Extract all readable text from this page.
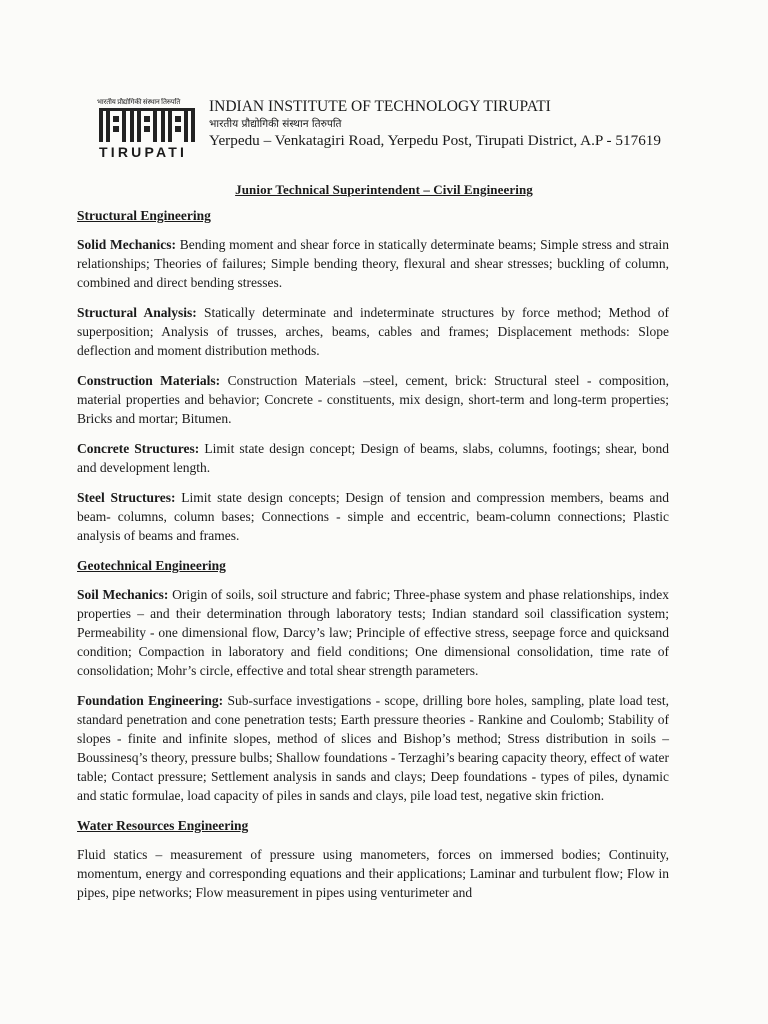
भारतीय प्रौद्योगिकी संस्थान तिरुपति
TIRUPATI
INDIAN INSTITUTE OF TECHNOLOGY TIRUPATI
भारतीय प्रौद्योगिकी संस्थान तिरुपति
Yerpedu – Venkatagiri Road, Yerpedu Post, Tirupati District, A.P - 517619
Junior Technical Superintendent – Civil Engineering
Structural Engineering

Solid Mechanics: Bending moment and shear force in statically determinate beams; Simple stress and strain relationships; Theories of failures; Simple bending theory, flexural and shear stresses; buckling of column, combined and direct bending stresses.

Structural Analysis: Statically determinate and indeterminate structures by force method; Method of superposition; Analysis of trusses, arches, beams, cables and frames; Displacement methods: Slope deflection and moment distribution methods.

Construction Materials: Construction Materials –steel, cement, brick: Structural steel - composition, material properties and behavior; Concrete - constituents, mix design, short-term and long-term properties; Bricks and mortar; Bitumen.

Concrete Structures: Limit state design concept; Design of beams, slabs, columns, footings; shear, bond and development length.

Steel Structures: Limit state design concepts; Design of tension and compression members, beams and beam- columns, column bases; Connections - simple and eccentric, beam-column connections; Plastic analysis of beams and frames.

Geotechnical Engineering

Soil Mechanics: Origin of soils, soil structure and fabric; Three-phase system and phase relationships, index properties – and their determination through laboratory tests; Indian standard soil classification system; Permeability - one dimensional flow, Darcy’s law; Principle of effective stress, seepage force and quicksand condition; Compaction in laboratory and field conditions; One dimensional consolidation, time rate of consolidation; Mohr’s circle, effective and total shear strength parameters.

Foundation Engineering: Sub-surface investigations - scope, drilling bore holes, sampling, plate load test, standard penetration and cone penetration tests; Earth pressure theories - Rankine and Coulomb; Stability of slopes - finite and infinite slopes, method of slices and Bishop’s method; Stress distribution in soils – Boussinesq’s theory, pressure bulbs; Shallow foundations - Terzaghi’s bearing capacity theory, effect of water table; Contact pressure; Settlement analysis in sands and clays; Deep foundations - types of piles, dynamic and static formulae, load capacity of piles in sands and clays, pile load test, negative skin friction.

Water Resources Engineering

Fluid statics – measurement of pressure using manometers, forces on immersed bodies; Continuity, momentum, energy and corresponding equations and their applications; Laminar and turbulent flow; Flow in pipes, pipe networks; Flow measurement in pipes using venturimeter and
